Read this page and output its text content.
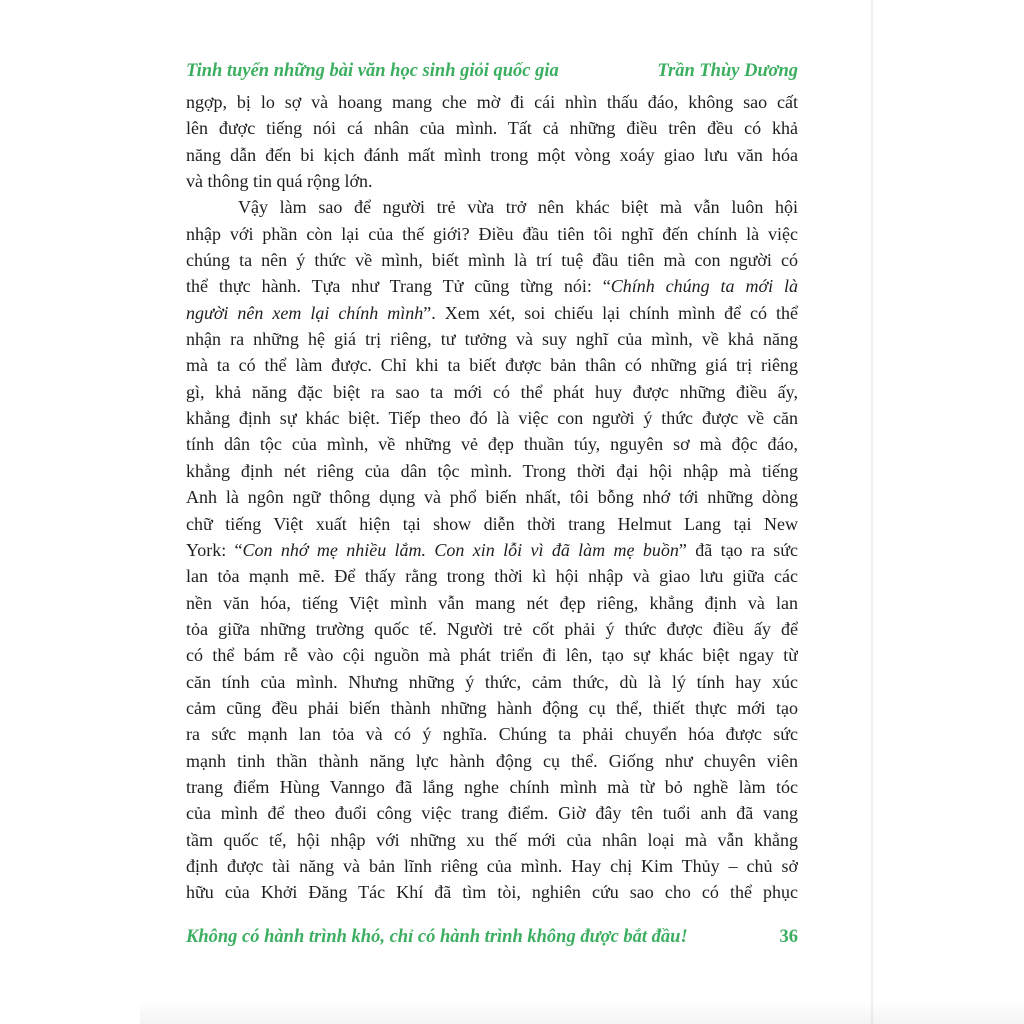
Tinh tuyển những bài văn học sinh giỏi quốc gia	Trần Thùy Dương
ngợp, bị lo sợ và hoang mang che mờ đi cái nhìn thấu đáo, không sao cất
lên được tiếng nói cá nhân của mình. Tất cả những điều trên đều có khả
năng dẫn đến bi kịch đánh mất mình trong một vòng xoáy giao lưu văn hóa
và thông tin quá rộng lớn.
Vậy làm sao để người trẻ vừa trở nên khác biệt mà vẫn luôn hội
nhập với phần còn lại của thế giới? Điều đầu tiên tôi nghĩ đến chính là việc
chúng ta nên ý thức về mình, biết mình là trí tuệ đầu tiên mà con người có
thể thực hành. Tựa như Trang Tử cũng từng nói: “Chính chúng ta mới là
người nên xem lại chính mình”. Xem xét, soi chiếu lại chính mình để có thể
nhận ra những hệ giá trị riêng, tư tưởng và suy nghĩ của mình, về khả năng
mà ta có thể làm được. Chỉ khi ta biết được bản thân có những giá trị riêng
gì, khả năng đặc biệt ra sao ta mới có thể phát huy được những điều ấy,
khẳng định sự khác biệt. Tiếp theo đó là việc con người ý thức được về căn
tính dân tộc của mình, về những vẻ đẹp thuần túy, nguyên sơ mà độc đáo,
khẳng định nét riêng của dân tộc mình. Trong thời đại hội nhập mà tiếng
Anh là ngôn ngữ thông dụng và phổ biến nhất, tôi bỗng nhớ tới những dòng
chữ tiếng Việt xuất hiện tại show diễn thời trang Helmut Lang tại New
York: “Con nhớ mẹ nhiều lắm. Con xin lỗi vì đã làm mẹ buồn” đã tạo ra sức
lan tỏa mạnh mẽ. Để thấy rằng trong thời kì hội nhập và giao lưu giữa các
nền văn hóa, tiếng Việt mình vẫn mang nét đẹp riêng, khẳng định và lan
tỏa giữa những trường quốc tế. Người trẻ cốt phải ý thức được điều ấy để
có thể bám rễ vào cội nguồn mà phát triển đi lên, tạo sự khác biệt ngay từ
căn tính của mình. Nhưng những ý thức, cảm thức, dù là lý tính hay xúc
cảm cũng đều phải biến thành những hành động cụ thể, thiết thực mới tạo
ra sức mạnh lan tỏa và có ý nghĩa. Chúng ta phải chuyển hóa được sức
mạnh tinh thần thành năng lực hành động cụ thể. Giống như chuyên viên
trang điểm Hùng Vanngo đã lắng nghe chính mình mà từ bỏ nghề làm tóc
của mình để theo đuổi công việc trang điểm. Giờ đây tên tuổi anh đã vang
tầm quốc tế, hội nhập với những xu thế mới của nhân loại mà vẫn khẳng
định được tài năng và bản lĩnh riêng của mình. Hay chị Kim Thủy – chủ sở
hữu của Khởi Đăng Tác Khí đã tìm tòi, nghiên cứu sao cho có thể phục
Không có hành trình khó, chỉ có hành trình không được bắt đầu!	36
